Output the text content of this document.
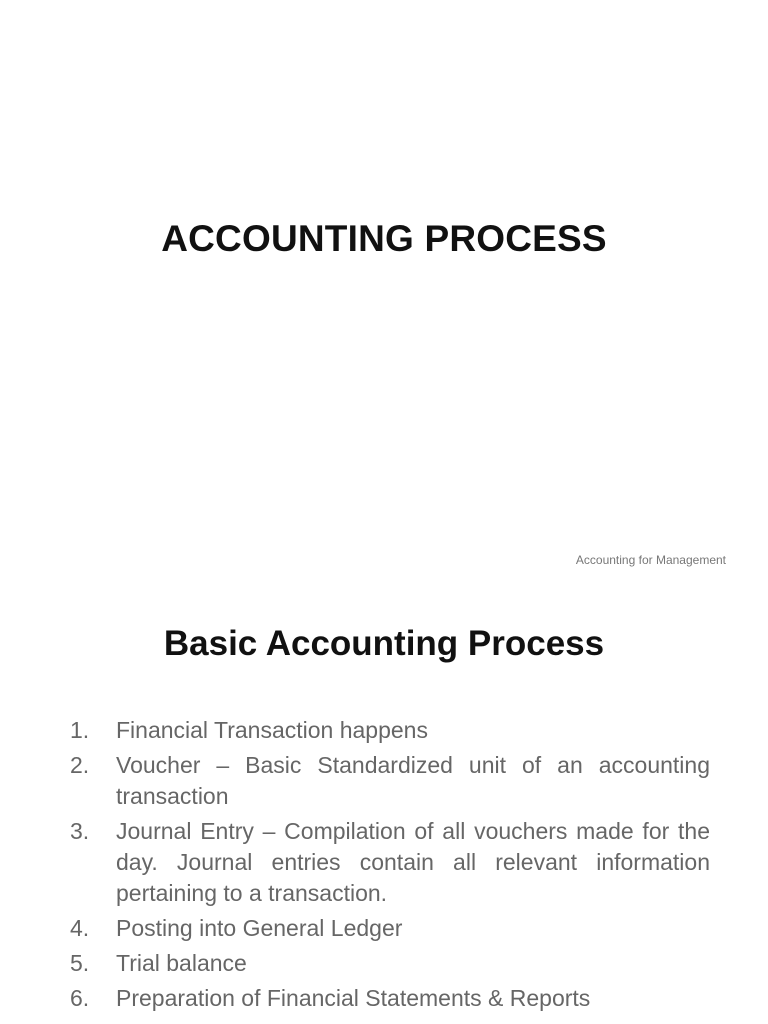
ACCOUNTING PROCESS
Accounting for Management
Basic Accounting Process
1.	Financial Transaction happens
2.	Voucher – Basic Standardized unit of an accounting transaction
3.	Journal Entry – Compilation of all vouchers made for the day. Journal entries contain all relevant information pertaining to a transaction.
4.	Posting into General Ledger
5.	Trial balance
6.	Preparation of Financial Statements & Reports
